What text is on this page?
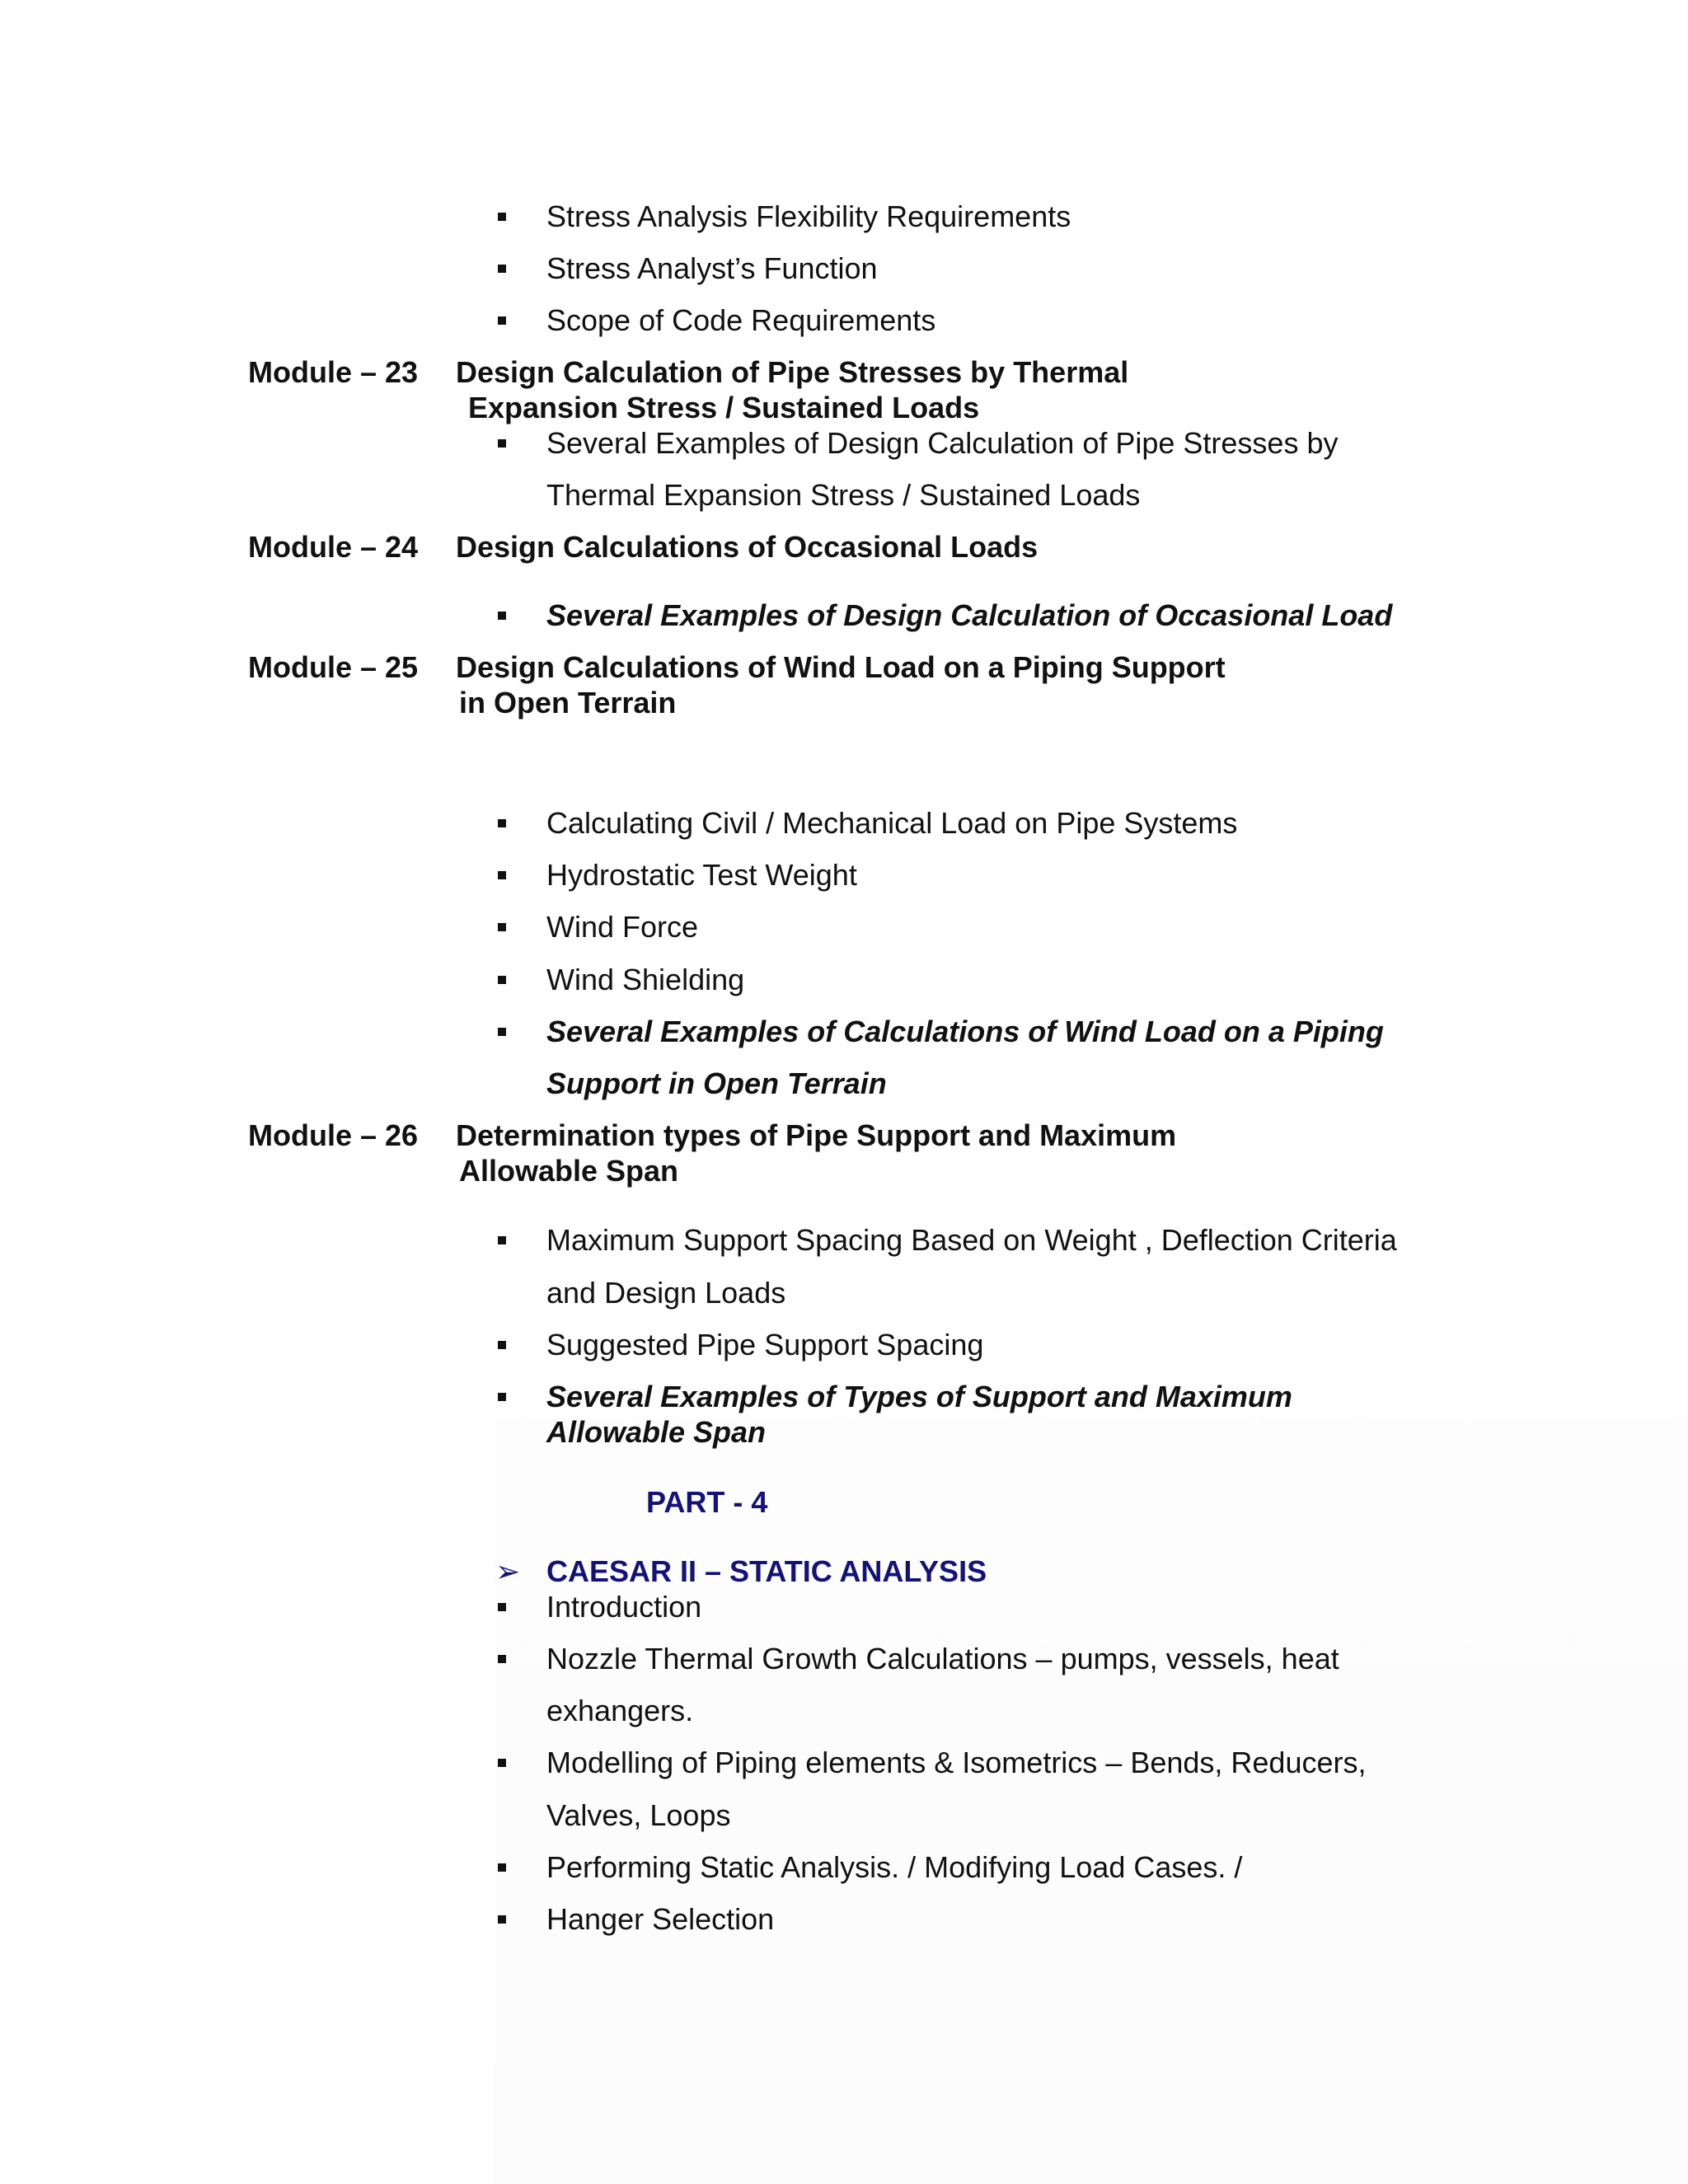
Stress Analysis Flexibility Requirements
Stress Analyst’s Function
Scope of Code Requirements
Module – 23 Design Calculation of Pipe Stresses by Thermal
Expansion Stress / Sustained Loads
Several Examples of Design Calculation of Pipe Stresses by
Thermal Expansion Stress / Sustained Loads
Module – 24 Design Calculations of Occasional Loads
Several Examples of Design Calculation of Occasional Load
Module – 25 Design Calculations of Wind Load on a Piping Support
in Open Terrain
Calculating Civil / Mechanical Load on Pipe Systems
Hydrostatic Test Weight
Wind Force
Wind Shielding
Several Examples of Calculations of Wind Load on a Piping
Support in Open Terrain
Module – 26 Determination types of Pipe Support and Maximum
Allowable Span
Maximum Support Spacing Based on Weight , Deflection Criteria
and Design Loads
Suggested Pipe Support Spacing
Several Examples of Types of Support and Maximum
Allowable Span
PART - 4
➢ CAESAR II – STATIC ANALYSIS
Introduction
Nozzle Thermal Growth Calculations – pumps, vessels, heat
exhangers.
Modelling of Piping elements & Isometrics – Bends, Reducers,
Valves, Loops
Performing Static Analysis. / Modifying Load Cases. /
Hanger Selection
